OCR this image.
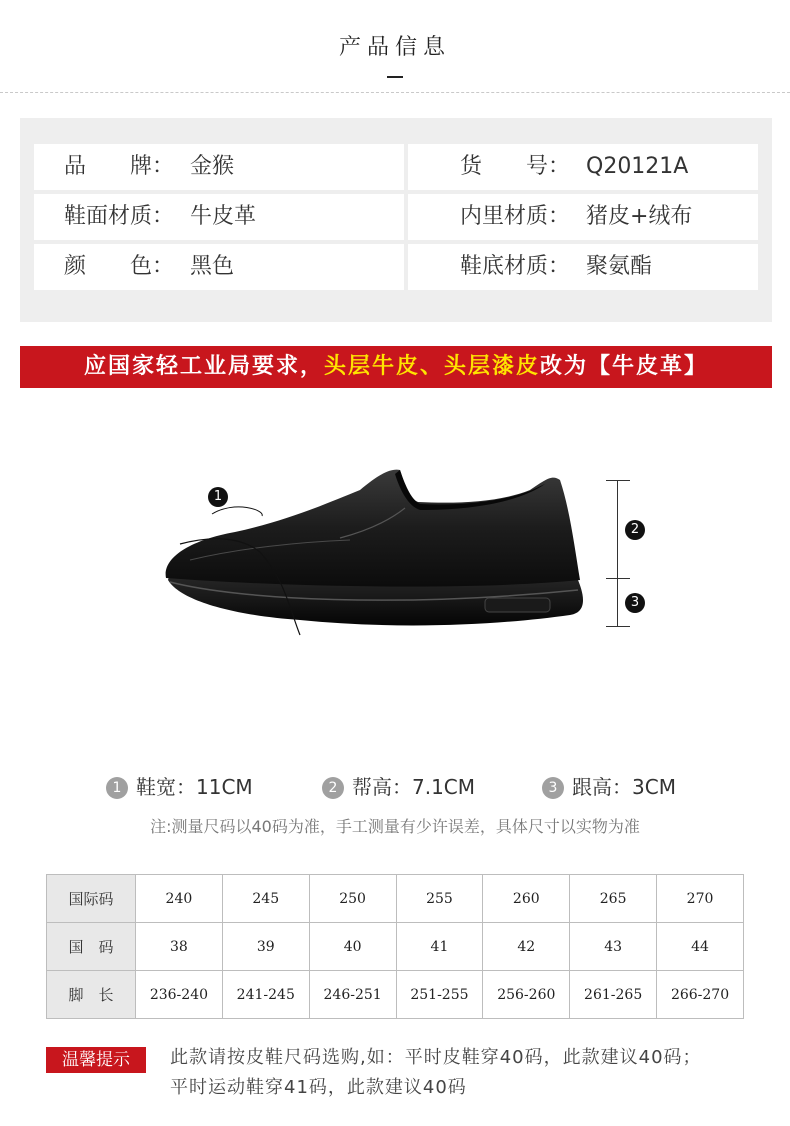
产品信息
品　　牌： 金猴	货　　号： Q20121A
鞋面材质： 牛皮革	内里材质： 猪皮+绒布
颜　　色： 黑色	鞋底材质： 聚氨酯
应国家轻工业局要求，头层牛皮、头层漆皮改为【牛皮革】
1
2
3
1 鞋宽：11CM	2 帮高：7.1CM	3 跟高：3CM
注:测量尺码以40码为准，手工测量有少许误差，具体尺寸以实物为准
国际码	240	245	250	255	260	265	270
国　码	38	39	40	41	42	43	44
脚　长	236-240	241-245	246-251	251-255	256-260	261-265	266-270
温馨提示	此款请按皮鞋尺码选购,如：平时皮鞋穿40码，此款建议40码；
平时运动鞋穿41码，此款建议40码
